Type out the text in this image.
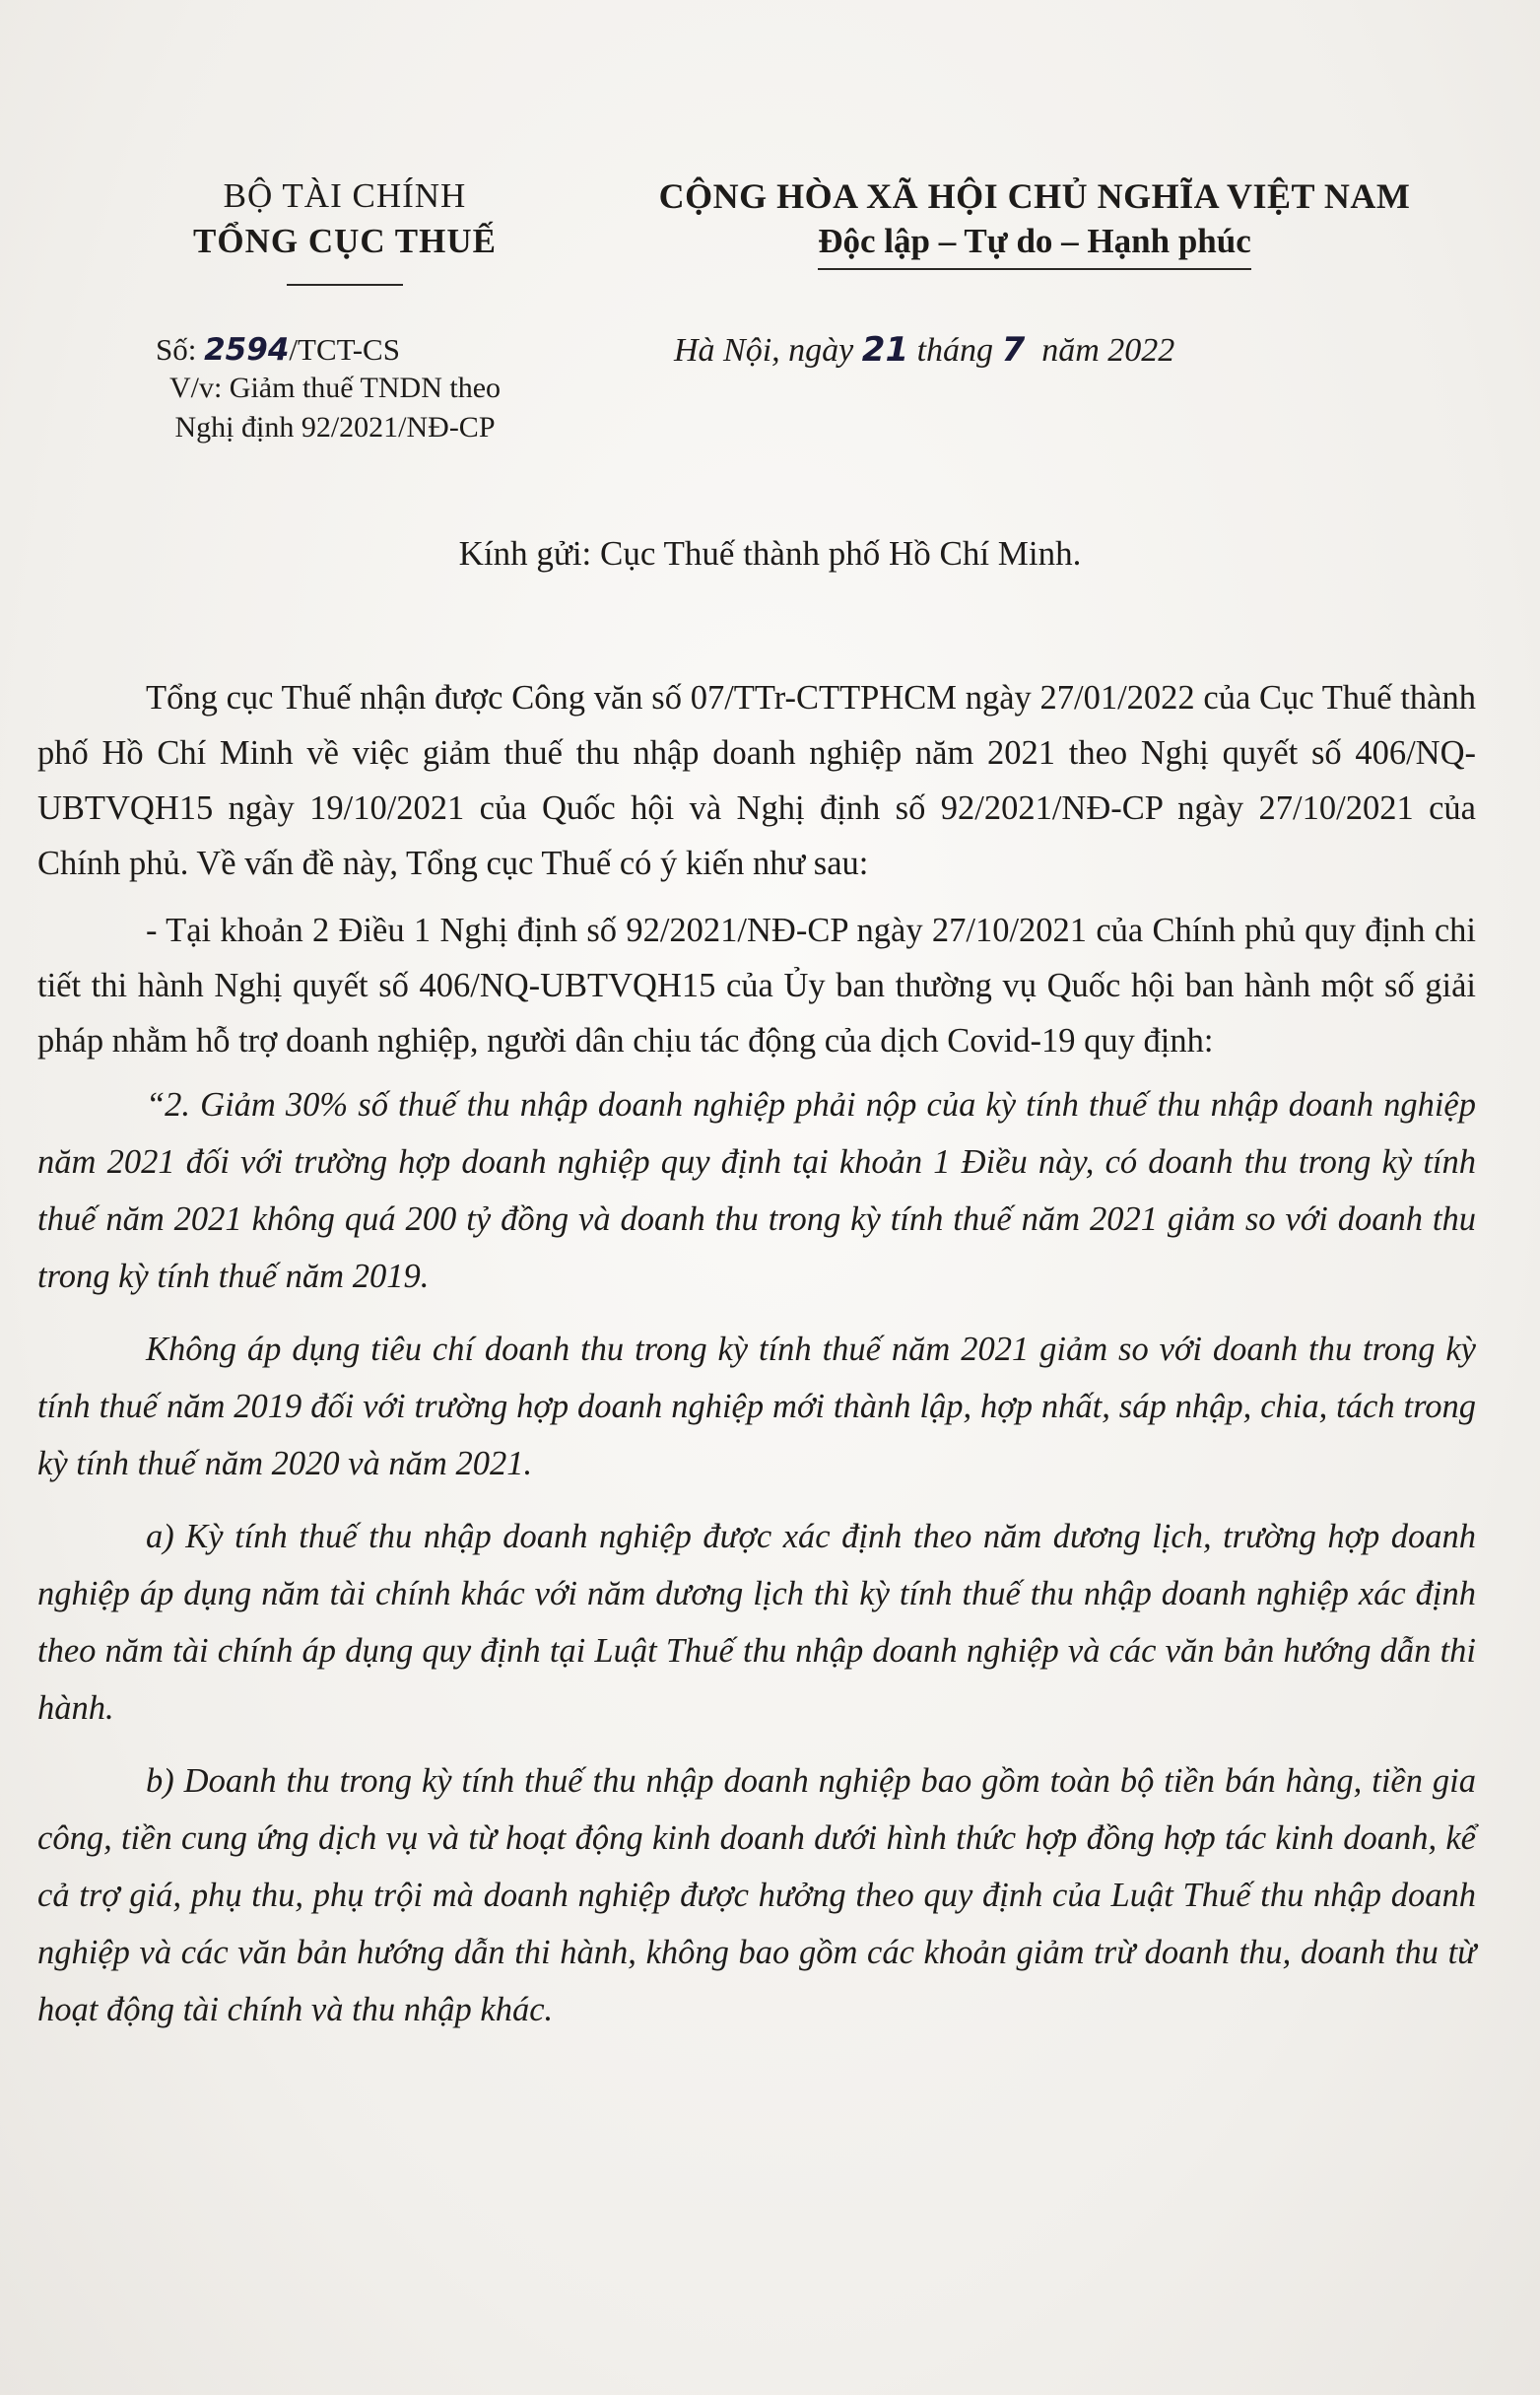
BỘ TÀI CHÍNH
TỔNG CỤC THUẾ
CỘNG HÒA XÃ HỘI CHỦ NGHĨA VIỆT NAM
Độc lập – Tự do – Hạnh phúc
Số: 2594/TCT-CS
V/v: Giảm thuế TNDN theo
Nghị định 92/2021/NĐ-CP
Hà Nội, ngày 21 tháng 7  năm 2022
Kính gửi: Cục Thuế thành phố Hồ Chí Minh.

Tổng cục Thuế nhận được Công văn số 07/TTr-CTTPHCM ngày 27/01/2022 của Cục Thuế thành phố Hồ Chí Minh về việc giảm thuế thu nhập doanh nghiệp năm 2021 theo Nghị quyết số 406/NQ-UBTVQH15 ngày 19/10/2021 của Quốc hội và Nghị định số 92/2021/NĐ-CP ngày 27/10/2021 của Chính phủ. Về vấn đề này, Tổng cục Thuế có ý kiến như sau:

- Tại khoản 2 Điều 1 Nghị định số 92/2021/NĐ-CP ngày 27/10/2021 của Chính phủ quy định chi tiết thi hành Nghị quyết số 406/NQ-UBTVQH15 của Ủy ban thường vụ Quốc hội ban hành một số giải pháp nhằm hỗ trợ doanh nghiệp, người dân chịu tác động của dịch Covid-19 quy định:

“2. Giảm 30% số thuế thu nhập doanh nghiệp phải nộp của kỳ tính thuế thu nhập doanh nghiệp năm 2021 đối với trường hợp doanh nghiệp quy định tại khoản 1 Điều này, có doanh thu trong kỳ tính thuế năm 2021 không quá 200 tỷ đồng và doanh thu trong kỳ tính thuế năm 2021 giảm so với doanh thu trong kỳ tính thuế năm 2019.

Không áp dụng tiêu chí doanh thu trong kỳ tính thuế năm 2021 giảm so với doanh thu trong kỳ tính thuế năm 2019 đối với trường hợp doanh nghiệp mới thành lập, hợp nhất, sáp nhập, chia, tách trong kỳ tính thuế năm 2020 và năm 2021.

a) Kỳ tính thuế thu nhập doanh nghiệp được xác định theo năm dương lịch, trường hợp doanh nghiệp áp dụng năm tài chính khác với năm dương lịch thì kỳ tính thuế thu nhập doanh nghiệp xác định theo năm tài chính áp dụng quy định tại Luật Thuế thu nhập doanh nghiệp và các văn bản hướng dẫn thi hành.

b) Doanh thu trong kỳ tính thuế thu nhập doanh nghiệp bao gồm toàn bộ tiền bán hàng, tiền gia công, tiền cung ứng dịch vụ và từ hoạt động kinh doanh dưới hình thức hợp đồng hợp tác kinh doanh, kể cả trợ giá, phụ thu, phụ trội mà doanh nghiệp được hưởng theo quy định của Luật Thuế thu nhập doanh nghiệp và các văn bản hướng dẫn thi hành, không bao gồm các khoản giảm trừ doanh thu, doanh thu từ hoạt động tài chính và thu nhập khác.
